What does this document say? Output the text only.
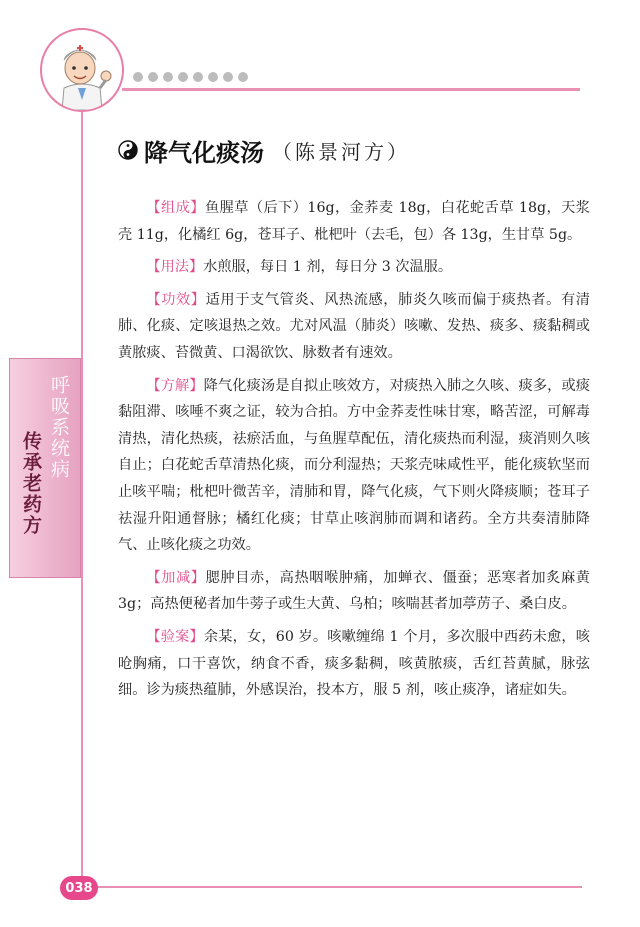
呼吸系统病
传承老药方
降气化痰汤 （陈景河方）

【组成】鱼腥草（后下）16g，金荞麦 18g，白花蛇舌草 18g，天浆壳 11g，化橘红 6g，苍耳子、枇杷叶（去毛，包）各 13g，生甘草 5g。

【用法】水煎服，每日 1 剂，每日分 3 次温服。

【功效】适用于支气管炎、风热流感，肺炎久咳而偏于痰热者。有清肺、化痰、定咳退热之效。尤对风温（肺炎）咳嗽、发热、痰多、痰黏稠或黄脓痰、苔微黄、口渴欲饮、脉数者有速效。

【方解】降气化痰汤是自拟止咳效方，对痰热入肺之久咳、痰多，或痰黏阻滞、咳唾不爽之证，较为合拍。方中金荞麦性味甘寒，略苦涩，可解毒清热，清化热痰，祛瘀活血，与鱼腥草配伍，清化痰热而利湿，痰消则久咳自止；白花蛇舌草清热化痰，而分利湿热；天浆壳味咸性平，能化痰软坚而止咳平喘；枇杷叶微苦辛，清肺和胃，降气化痰，气下则火降痰顺；苍耳子祛湿升阳通督脉；橘红化痰；甘草止咳润肺而调和诸药。全方共奏清肺降气、止咳化痰之功效。

【加减】腮肿目赤，高热咽喉肿痛，加蝉衣、僵蚕；恶寒者加炙麻黄 3g；高热便秘者加牛蒡子或生大黄、乌柏；咳喘甚者加葶苈子、桑白皮。

【验案】余某，女，60 岁。咳嗽缠绵 1 个月，多次服中西药未愈，咳呛胸痛，口干喜饮，纳食不香，痰多黏稠，咳黄脓痰，舌红苔黄腻，脉弦细。诊为痰热蕴肺，外感误治，投本方，服 5 剂，咳止痰净，诸症如失。

038
